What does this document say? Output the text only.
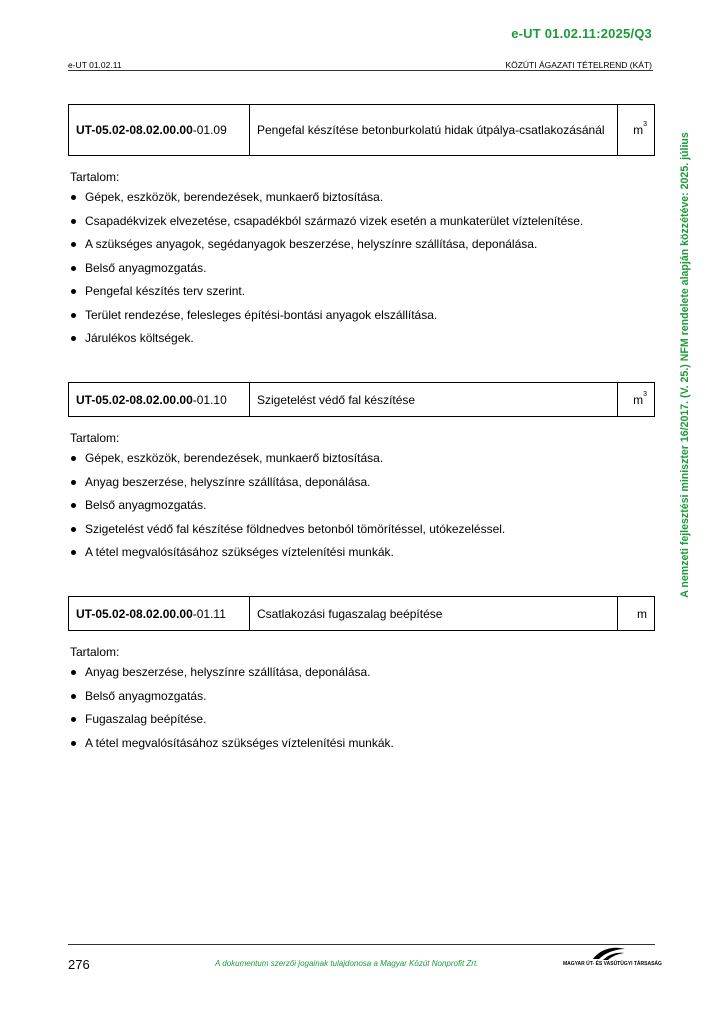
e-UT 01.02.11:2025/Q3
e-UT 01.02.11	KÖZÚTI ÁGAZATI TÉTELREND (KÁT)
A nemzeti fejlesztési miniszter 16/2017. (V. 25.) NFM rendelete alapján közzétéve: 2025. július
UT-05.02-08.02.00.00-01.09	Pengefal készítése betonburkolatú hidak útpálya-csatlakozásánál	$m^3$
Tartalom:
Gépek, eszközök, berendezések, munkaerő biztosítása.
Csapadékvizek elvezetése, csapadékból származó vizek esetén a munkaterület víztelenítése.
A szükséges anyagok, segédanyagok beszerzése, helyszínre szállítása, deponálása.
Belső anyagmozgatás.
Pengefal készítés terv szerint.
Terület rendezése, felesleges építési-bontási anyagok elszállítása.
Járulékos költségek.
UT-05.02-08.02.00.00-01.10	Szigetelést védő fal készítése	$m^3$
Tartalom:
Gépek, eszközök, berendezések, munkaerő biztosítása.
Anyag beszerzése, helyszínre szállítása, deponálása.
Belső anyagmozgatás.
Szigetelést védő fal készítése földnedves betonból tömörítéssel, utókezeléssel.
A tétel megvalósításához szükséges víztelenítési munkák.
UT-05.02-08.02.00.00-01.11	Csatlakozási fugaszalag beépítése	m
Tartalom:
Anyag beszerzése, helyszínre szállítása, deponálása.
Belső anyagmozgatás.
Fugaszalag beépítése.
A tétel megvalósításához szükséges víztelenítési munkák.
276	A dokumentum szerzői jogainak tulajdonosa a Magyar Közút Nonprofit Zrt.	MAGYAR ÚT- ÉS VASÚTÜGYI TÁRSASÁG
